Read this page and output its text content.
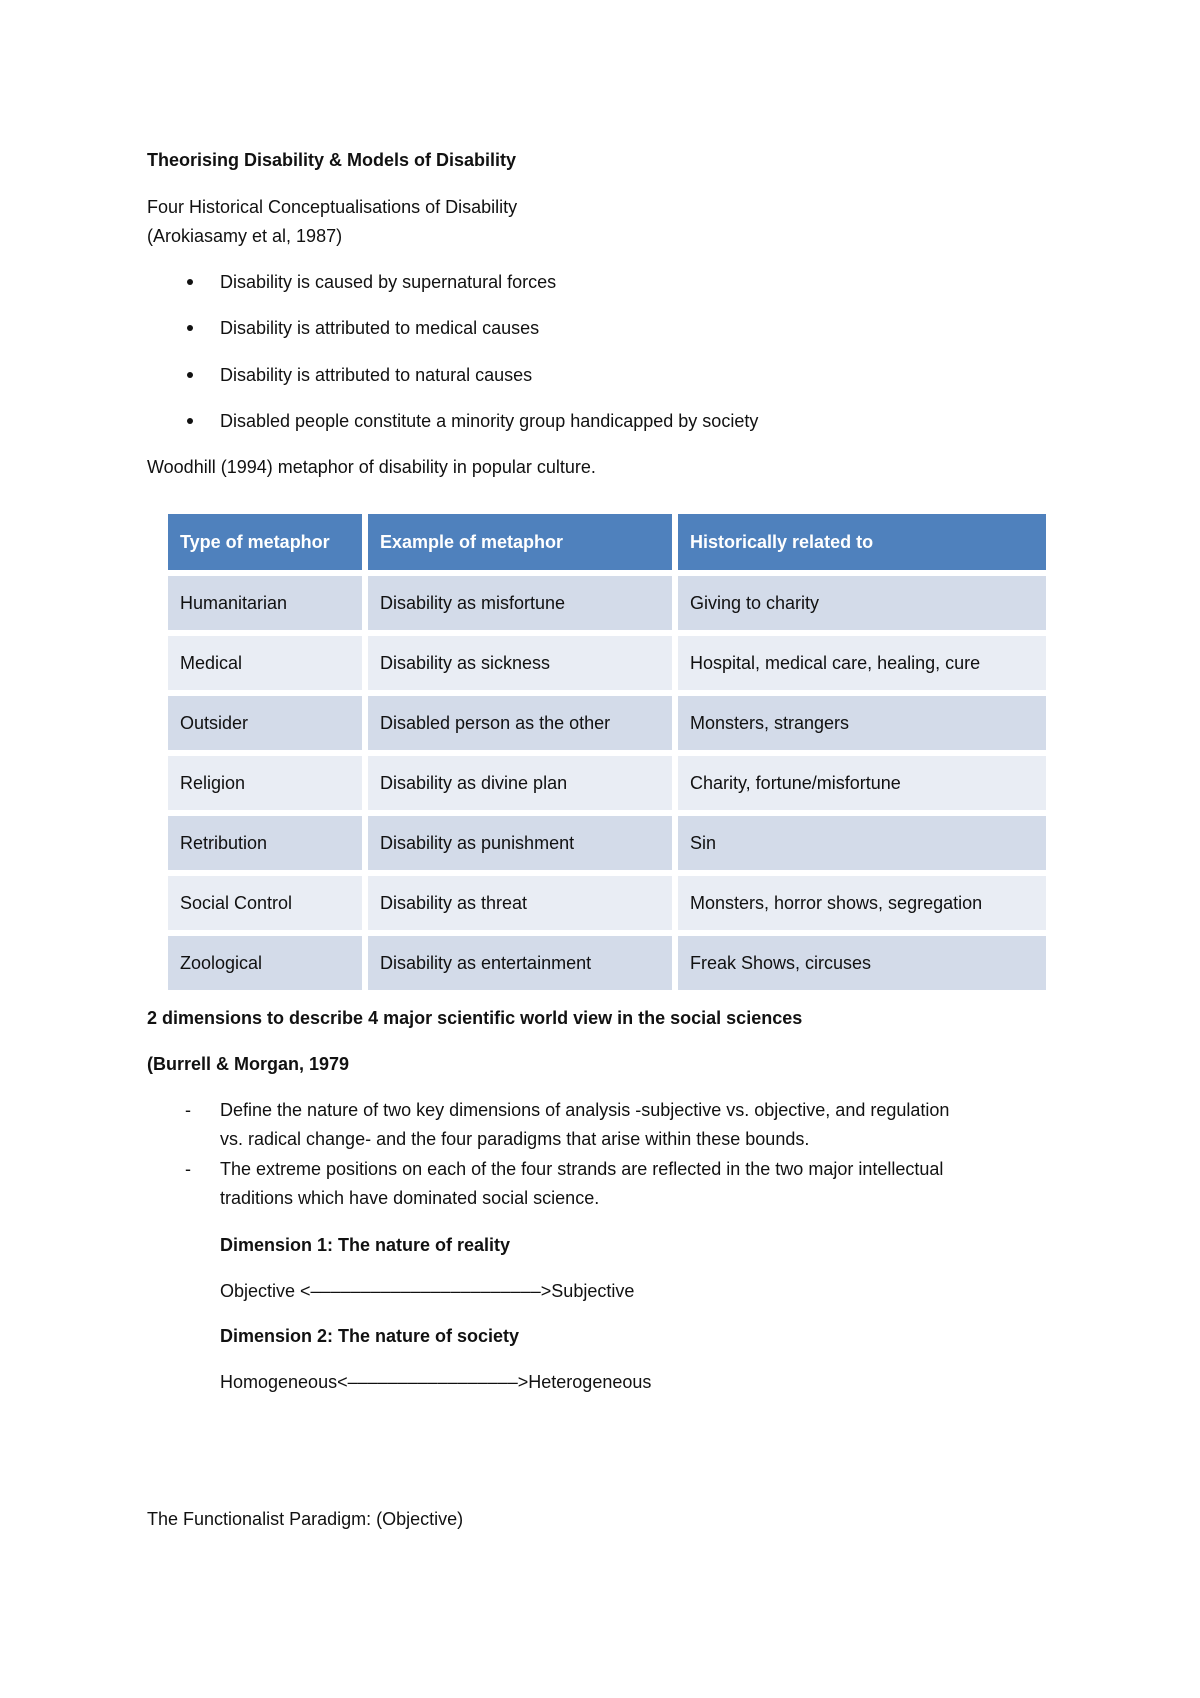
Theorising Disability & Models of Disability
Four Historical Conceptualisations of Disability
(Arokiasamy et al, 1987)
Disability is caused by supernatural forces
Disability is attributed to medical causes
Disability is attributed to natural causes
Disabled people constitute a minority group handicapped by society
Woodhill (1994) metaphor of disability in popular culture.
Type of metaphor	Example of metaphor	Historically related to
Humanitarian	Disability as misfortune	Giving to charity
Medical	Disability as sickness	Hospital, medical care, healing, cure
Outsider	Disabled person as the other	Monsters, strangers
Religion	Disability as divine plan	Charity, fortune/misfortune
Retribution	Disability as punishment	Sin
Social Control	Disability as threat	Monsters, horror shows, segregation
Zoological	Disability as entertainment	Freak Shows, circuses
2 dimensions to describe 4 major scientific world view in the social sciences
(Burrell & Morgan, 1979
- Define the nature of two key dimensions of analysis -subjective vs. objective, and regulation
vs. radical change- and the four paradigms that arise within these bounds.
- The extreme positions on each of the four strands are reflected in the two major intellectual
traditions which have dominated social science.
Dimension 1: The nature of reality
Objective <–––––––––––––––––––––––>Subjective
Dimension 2: The nature of society
Homogeneous<–––––––––––––––––>Heterogeneous
The Functionalist Paradigm: (Objective)
